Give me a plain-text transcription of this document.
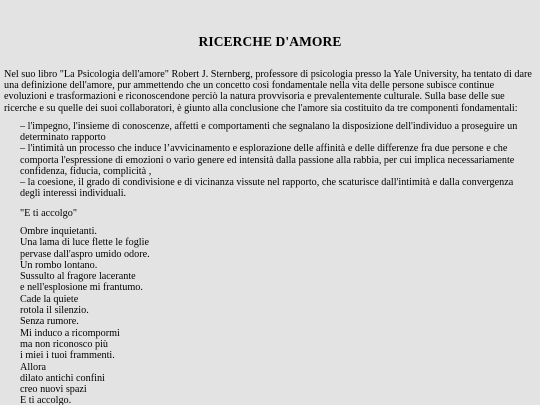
RICERCHE D'AMORE

Nel suo libro "La Psicologia dell'amore" Robert J. Sternberg, professore di psicologia presso la Yale University, ha tentato di dare una definizione dell'amore, pur ammettendo che un concetto così fondamentale nella vita delle persone subisce continue evoluzioni e trasformazioni e riconoscendone perciò la natura provvisoria e prevalentemente culturale. Sulla base delle sue ricerche e su quelle dei suoi collaboratori, è giunto alla conclusione che l'amore sia costituito da tre componenti fondamentali:

– l'impegno, l'insieme di conoscenze, affetti e comportamenti che segnalano la disposizione dell'individuo a proseguire un determinato rapporto
– l'intimità un processo che induce l’avvicinamento e esplorazione delle affinità e delle differenze fra due persone e che comporta l'espressione di emozioni o vario genere ed intensità dalla passione alla rabbia, per cui implica necessariamente confidenza, fiducia, complicità ,
– la coesione, il grado di condivisione e di vicinanza vissute nel rapporto, che scaturisce dall'intimità e dalla convergenza degli interessi individuali.

"E ti accolgo"

Ombre inquietanti.
Una lama di luce flette le foglie
pervase dall'aspro umido odore.
Un rombo lontano.
Sussulto al fragore lacerante
e nell'esplosione mi frantumo.
Cade la quiete
rotola il silenzio.
Senza rumore.
Mi induco a ricompormi
ma non riconosco più
i miei i tuoi frammenti.
Allora
dilato antichi confini
creo nuovi spazi
E ti accolgo.
